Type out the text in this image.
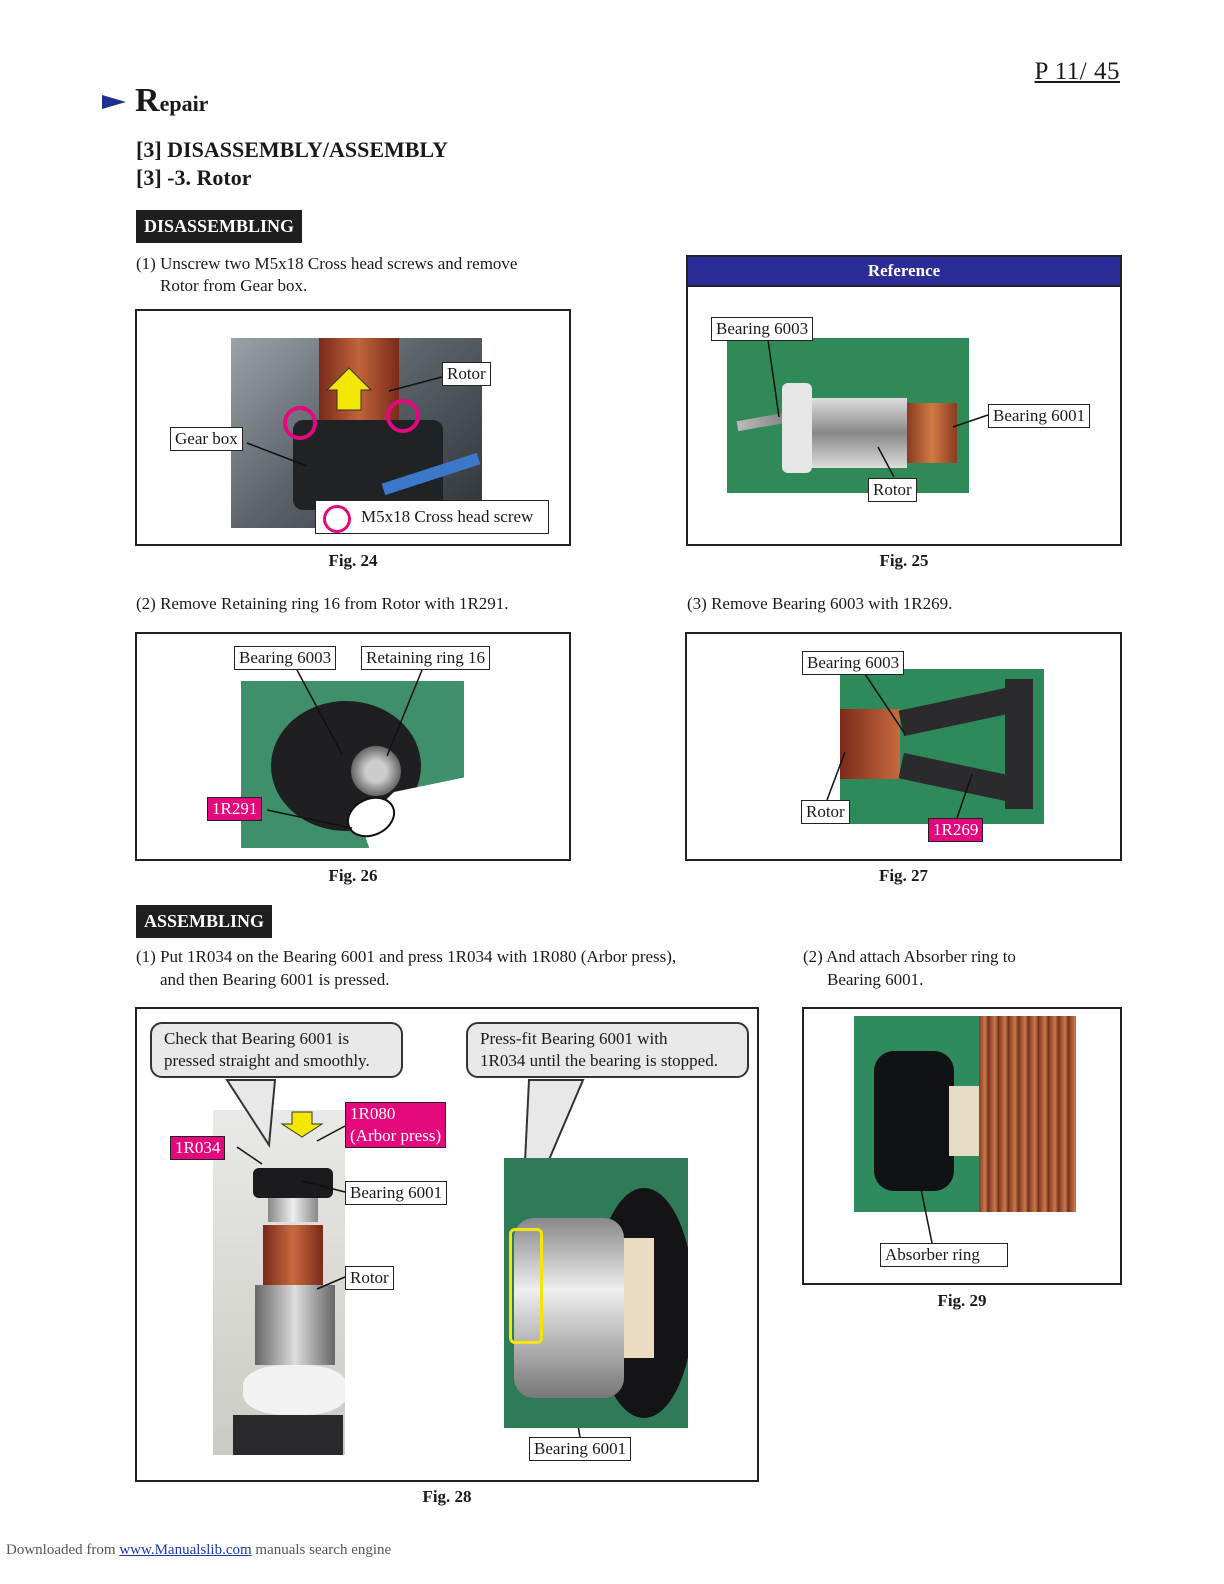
P 11/ 45
Repair
[3] DISASSEMBLY/ASSEMBLY
[3] -3. Rotor
DISASSEMBLING
(1) Unscrew two M5x18 Cross head screws and remove
Rotor from Gear box.
Rotor
Gear box
M5x18 Cross head screw
Fig. 24
Reference
Bearing 6003
Bearing 6001
Rotor
Fig. 25
(2) Remove Retaining ring 16 from Rotor with 1R291.	(3) Remove Bearing 6003 with 1R269.
Bearing 6003 Retaining ring 16
1R291
Fig. 26
Bearing 6003
Rotor
1R269
Fig. 27
ASSEMBLING
(1) Put 1R034 on the Bearing 6001 and press 1R034 with 1R080 (Arbor press),
and then Bearing 6001 is pressed.
(2) And attach Absorber ring to
Bearing 6001.
Check that Bearing 6001 is
pressed straight and smoothly.
Press-fit Bearing 6001 with
1R034 until the bearing is stopped.
1R080
(Arbor press)
1R034
Bearing 6001
Rotor
Bearing 6001
Fig. 28
Absorber ring
Fig. 29
Downloaded from www.Manualslib.com manuals search engine
